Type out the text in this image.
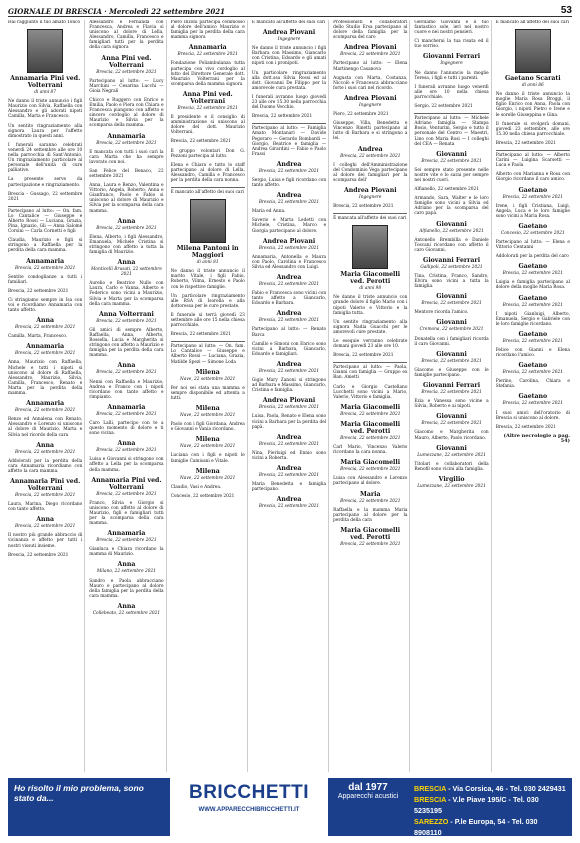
GIORNALE DI BRESCIA · Mercoledì 22 settembre 2021	53

Hai raggiunto il tuo amato Tonco

Annamaria Pini ved. Volterrani
di anni 87

Ne danno il triste annuncio i figli Maurizio con Silvia, Raffaella con Alessandro e gli adorati nipoti Camilla, Marta e Francesco.

Un sentito ringraziamento alla signora Laura per l'affetto dimostrato in questi anni.

I funerali saranno celebrati venerdì 24 settembre alle ore 10 nella parrocchia di Sant'Antonio. Un ringraziamento particolare al personale dell'unità di cure palliative.

La presente serve da partecipazione e ringraziamento.

Brescia - Gussago, 22 settembre 2021

Partecipano al lutto: — On. fam. Lo Cantalice — Giuseppe e Alberto Rossi — Luciana, Grazia, Pina, Ignazio, Gli — Anna Salomè Corsini — Carla Cornetti e figli

Claudia, Maurizio e figli si stringono a Raffaella per la perdita della cara mamma.

Annamaria
Brescia, 22 settembre 2021

Sentite condoglianze a tutti i familiari.

Brescia, 22 settembre 2021

Ci stringiamo sempre in Isa con voi e ricordiamo Annamaria con tanto affetto.

Anna
Brescia, 22 settembre 2021

Camilla, Marta, Francesco.

Annamaria
Brescia, 22 settembre 2021

Anna, Maurizio con Raffaella, Michele e tutti i nipoti si uniscono al dolore di Raffaella, Alessandro, Maurizio, Silvia, Camilla, Francesco, Renato e Marta per la perdita della mamma.

Annamaria
Brescia, 22 settembre 2021

Renzo ed Annalena con Renato, Alessandro e Lorenzo si uniscono al dolore di Maurizio, Marta e Silvia nel ricordo della cara

Anna
Brescia, 22 settembre 2021

Addolorati per la perdita della cara Annamaria ricordiamo con affetto la cara mamma.

Annamaria Pini ved. Volterrani
Brescia, 22 settembre 2021

Laura, Marina, Diego ricordano con tanto affetto.

Anna
Brescia, 22 settembre 2021

Il nostro più grande abbraccio di vicinanza e affetto per tutti i nostri vissuti insieme.

Brescia, 22 settembre 2021

Alessandro e Fernanda con Francesca, Andrea e Flavia si uniscono al dolore di Lella, Alessandro, Camilla, Francesco e famigliari tutti per la perdita della cara signora

Anna Pini ved. Volterrani
Brescia, 22 settembre 2021

Partecipano al lutto: — Lucy Marchini — Cesarina Lucchi — Gioia Negrali

Chicco e Ruggero con Enrico e Emilia, Paolo e Piera con Chiara e Francesca piangono con affetto e sincero cordoglio al dolore di Maurizio e Silvia per la scomparsa della mamma.

Annamaria
Brescia, 22 settembre 2021

E mancata con tutti i suoi cari la cara Marta che ha sempre lavorato con noi.

San Felice del Benaco, 22 settembre 2021

Anna, Laura e Renzo, Valentina e Vittorio, Angela, Roberto, Anna e Gianfranco, Paolo e Fabio si uniscono al dolore di Maurizio e Silvia per la scomparsa della cara mamma.

Anna
Brescia, 22 settembre 2021

Elena, Alberto, i figli Alessandro, Emanuela, Michele Cristina si stringono con affetto a tutta la famiglia di Maurizio.

Anna
Monticelli Brusati, 22 settembre 2021

Aurelio e Beatrice Nullo con Laura, Carlo e Vanna, Alberto e Federico sono vicini a Maurizio, Silvia e Marta per la scomparsa della cara mamma.

Anna Volterrani
Brescia, 22 settembre 2021

Gli amici di sempre Alberto, Raffaella, Anna, Alberto, Rossella, Lucia e Margherita si stringono con affetto a Maurizio e famiglia per la perdita della cara mamma.

Anna
Brescia, 22 settembre 2021

Nenni con Raffaella e Maurizio, Andrea e Franco con i nipoti ricordano con tanto affetto e rimpianto.

Annamaria
Brescia, 22 settembre 2021

Caro Lalli, partecipo con te a questo momento di dolore e ti sono vicina.

Anna
Brescia, 22 settembre 2021

Luisa e Giovanni si stringono con affetto a Lella per la scomparsa della mamma.

Annamaria Pini ved. Volterrani
Brescia, 22 settembre 2021

Franco, Silvia e Giorgio si uniscono con affetto al dolore di Maurizio, figli e famigliari tutti per la scomparsa della cara mamma.

Annamaria
Brescia, 22 settembre 2021

Gianluca e Chiara ricordano la mamma di Maurizio.

Anna
Milano, 22 settembre 2021

Sandro e Paola abbracciano Mauro e partecipano al dolore della famiglia per la perdita della cara mamma.

Anna
Collebeato, 22 settembre 2021

Piero Inzoni partecipa commosso al dolore dell'amico Maurizio e famiglia per la perdita della cara mamma signora

Annamaria
Brescia, 22 settembre 2021

Fondazione Poliambulanza tutta partecipa con vivo cordoglio al lutto del Direttore Generale dott. Maurizio Volterrani per la scomparsa della mamma signora

Anna Pini ved. Volterrani
Brescia, 22 settembre 2021

Il presidente e il consiglio di amministrazione si uniscono al dolore del dott. Maurizio Volterrani.

Brescia, 22 settembre 2021

Il gruppo volontari Don G. Pezzoni partecipa al lutto.

Elena e Chiara e tutto lo staff partecipano al dolore di Lella, Alessandro, Camilla e Francesco per la perdita della cara nonna.

È mancato all'affetto dei suoi cari

Milena Pantoni in Maggiori
di anni 81

Ne danno il triste annuncio il marito Vitale, i figli Fabio, Roberto, Vilma, Ernesto e Paolo con le rispettive famiglie.

Un particolare ringraziamento alle RSA di Isorella e alla dottoressa per le cure prestate.

Il funerale si terrà giovedì 23 settembre alle ore 15 nella chiesa parrocchiale.

Brescia, 22 settembre 2021

Partecipano al lutto: — On. fam. Lo Cantalice — Giuseppe e Alberto Rossi — Luciana, Grazia, Matilde Spezi — Simone Loda

Milena
Nave, 22 settembre 2021

Per noi sei stata una mamma e sempre disponibile ed attenta a tutti.

Milena
Nave, 22 settembre 2021

Paolo con i figli Giordana, Andrea e Giovanni e Vania ricordano.

Milena
Nave, 22 settembre 2021

Luciana con i figli e nipoti le famiglie Camisani e Vitale.

Milena
Nave, 22 settembre 2021

Claudio, Vasi e Andrea.

Concesio, 22 settembre 2021

È mancato all'affetto dei suoi cari

Andrea Piovani
Ingegnere

Ne danno il triste annuncio i figli Barbara con Massimo, Giancarlo con Cristina, Edoardo e gli amati nipoti con i pronipoti.

Un particolare ringraziamento alla dott.ssa Silvia Rossi ed al dott. Giovanni De Filippo per la amorevole cura prestata.

I funerali avranno luogo giovedì 23 alle ore 15.30 nella parrocchia del Duomo Vecchio.

Brescia, 22 settembre 2021

Partecipano al lutto: — Famiglia Amato Montanari — Davide Pegoraro — Gerardo Bombardi — Giorgio, Beatrice e famiglia — Andrea Girardini — Fabio e Paolo Frassi

Andrea
Brescia, 22 settembre 2021

Sergio, Luisa e figli ricordano con tanto affetto.

Andrea
Brescia, 22 settembre 2021

Maria ed Anna.

Saverio e Marta Ledetti con Michele, Cristina, Marco e Giorgia partecipano al dolore.

Andrea Piovani
Brescia, 22 settembre 2021

Annamaria, Antonella e Maura con Paolo, Carolina e Francesco Silvia ed Alessandro con Luigi.

Andrea
Brescia, 22 settembre 2021

Fabio e Francesca sono vicini con tanto affetto a Giancarlo, Edoardo e Barbara.

Andrea
Brescia, 22 settembre 2021

Partecipano al lutto: — Renato Barca

Camillo e Simoni con Enrico sono vicini a Barbara, Giancarlo, Edoardo e famigliari.

Andrea
Brescia, 22 settembre 2021

Gigio Mary Zanoni si stringono ad Barbara e Massimo, Giancarlo, Cristina e famiglia.

Andrea Piovani
Brescia, 22 settembre 2021

Luisa, Paola, Renato e Elena sono vicini a Barbara per la perdita del papà.

Andrea
Brescia, 22 settembre 2021

Nina, Pierluigi ed Ennio sono vicini a Roberta.

Andrea
Brescia, 22 settembre 2021

Maria Benedetta e famiglia partecipano.

Andrea
Brescia, 22 settembre 2021

Professionisti e collaboratori dello Studio Ersa partecipano al dolore della famiglia per la scomparsa del caro

Andrea Piovani
Brescia, 22 settembre 2021

Partecipano al lutto: — Elena Martinengo Casanova

Augusta con Marta, Costanza, Niccolò e Francesca abbracciano forte i suoi cari nel ricordo.

Andrea Piovani
Ingegnere

Piero, 22 settembre 2021

Giuseppe, Villa, Benedetta e Vincenzo Rinetti partecipano al lutto di Barbara e si stringono a lei.

Andrea
Brescia, 22 settembre 2021

I colleghi dell'Amministrazione del Condominio Vega partecipano al dolore dei famigliari per la scomparsa dell'

Andrea Piovani
Ingegnere

Brescia, 22 settembre 2021

È mancata all'affetto dei suoi cari

Maria Giacomelli ved. Perotti
di anni 98

Ne danno il triste annuncio con grande dolore il figlio Mario con i nipoti Valerio e Vittorio e la famiglia tutta.

Un sentito ringraziamento alla signora Nadia Guacchi per le amorevoli cure prestate.

Le esequie verranno celebrate domani giovedì 23 alle ore 10.

Brescia, 22 settembre 2021

Partecipano al lutto: — Paola, Gianni con famiglia — Gruppo ex Ban. Ametti

Carlo e Giorgio Castellano Lucchetti sono vicini a Mario, Valerio, Vittorio e famiglia.

Maria Giacomelli
Brescia, 22 settembre 2021
Maria Giacomelli ved. Perotti
Brescia, 22 settembre 2021

Carl Mario, Vincenzo Valerio ricordano la cara nonna.

Maria Giacomelli
Brescia, 22 settembre 2021

Luisa con Alessandro e Lorenzo partecipano al dolore.

Maria
Brescia, 22 settembre 2021

Raffaella e la mamma Maria partecipano al dolore per la perdita della cara

Maria Giacomelli ved. Perotti
Brescia, 22 settembre 2021

Gerolamo Giovanni e il tuo fantastico sole, ieri nel nostro cuore e nei nostri pensieri.

Ci mancherai la tua risata ed il tuo sorriso.

Giovanni Ferrari
Ingegnere

Ne danno l'annuncio la moglie Teresa, i figli e tutti i parenti.

I funerali avranno luogo venerdì alle ore 10 nella chiesa parrocchiale.

Sergio, 22 settembre 2021

Partecipano al lutto: — Michele Adriano famiglia — Stampa Bosio, Venturini, Sergio e tutto il personale del Centro — Maestri, Lino con Maria Rosi — I colleghi del CEA — Renata

Giovanni
Brescia, 22 settembre 2021

Sei sempre stato presente nelle nostre vite e lo sarai per sempre nei nostri cuori.

Alfianello, 22 settembre 2021

Armando, Sara, Walter e le loro famiglie sono vicini a Silvia ed Adriano per la scomparsa del caro papà.

Giovanni
Alfianello, 22 settembre 2021

Antonello Brembilla e Daniele Toscani ricordano con affetto il caro Giovanni.

Giovanni Ferrari
Gallipoli, 22 settembre 2021

Tina, Cristina, Franco, Sandro, Elvira sono vicini a tutta la famiglia.

Giovanni
Brescia, 22 settembre 2021

Mentore ricorda l'amico.

Giovanni
Cremona, 22 settembre 2021

Donatella con i famigliari ricorda il caro Giovanni.

Giovanni
Brescia, 22 settembre 2021

Giacomo e Giuseppe con le famiglie partecipano.

Giovanni Ferrari
Brescia, 22 settembre 2021

Ezia e Vanessa sono vicine a Silvia, Roberto e ai nipoti.

Giovanni
Brescia, 22 settembre 2021

Giacomo e Margherita con Mauro, Alberto, Paolo ricordano.

Giovanni
Lumezzane, 22 settembre 2021

Titolari e collaboratori della Renofil sono vicini alla famiglia.

Virgilio
Lumezzane, 22 settembre 2021

È mancato all'affetto dei suoi cari

Gaetano Scarati
di anni 86

Ne danno il triste annuncio la moglie Maria Rosa Broggi, il figlio Enrico con Anna, Paola con Giorgio, i nipoti Pietro e Irene e le sorelle Giuseppina e Gina.

Il funerale si svolgerà domani, giovedì 23 settembre, alle ore 15.30 nella chiesa parrocchiale.

Brescia, 22 settembre 2021

Partecipano al lutto: — Alberto Carini — Luigina Scarsetti — Luca e Paola

Alberto con Marianna e Rosa con Giorgio ricordano il caro amico.

Gaetano
Brescia, 22 settembre 2021

Irene, i figli Cristiana, Luigi, Angela, Luca e le loro famiglie sono vicini a Maria Rosa.

Gaetano
Concesio, 22 settembre 2021

Partecipano al lutto: — Elena e Vittorio Centanni

Addolorati per la perdita del caro

Gaetano
Brescia, 22 settembre 2021

Luigia e famiglia partecipano al dolore della moglie Maria Rosa.

Gaetano
Brescia, 22 settembre 2021

I nipoti Gianluigi, Alberto, Emanuela, Sergio e Gabriele con le loro famiglie ricordano.

Gaetano
Brescia, 22 settembre 2021

Felice con Gianni e Elena ricordano l'amico.

Gaetano
Brescia, 22 settembre 2021

Pierino, Carolina, Chiara e Stefania.

Gaetano
Brescia, 22 settembre 2021

I suoi amici dell'oratorio di Brescia si uniscono al dolore.

Brescia, 22 settembre 2021

(Altre necrologie a pag. 54)
Ho risolto il mio problema, sono stato da...	BRICCHETTI
WWW.APPARECCHIBRICCHETTI.IT
dal 1977
Apparecchi acustici
BRESCIA - Via Corsica, 46 - Tel. 030 2429431
BRESCIA - V.le Piave 195/C - Tel. 030 5235195
SAREZZO - P.le Europa, 54 - Tel. 030 8908110
